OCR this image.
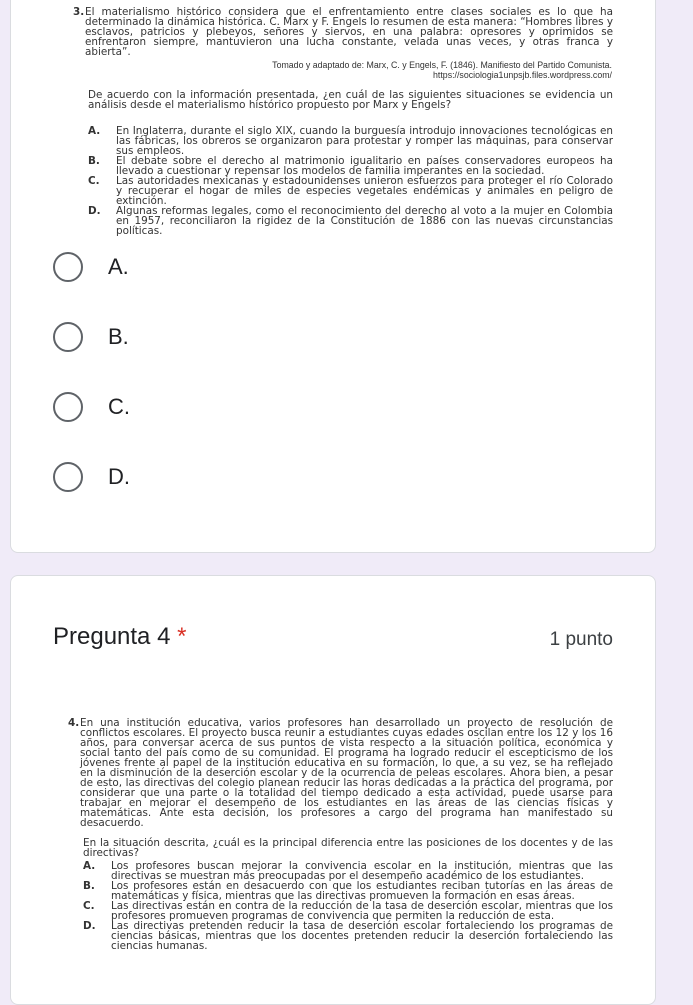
3. El materialismo histórico considera que el enfrentamiento entre clases sociales es lo que ha determinado la dinámica histórica. C. Marx y F. Engels lo resumen de esta manera: “Hombres libres y esclavos, patricios y plebeyos, señores y siervos, en una palabra: opresores y oprimidos se enfrentaron siempre, mantuvieron una lucha constante, velada unas veces, y otras franca y abierta”.
Tomado y adaptado de: Marx, C. y Engels, F. (1846). Manifiesto del Partido Comunista.
https://sociologia1unpsjb.files.wordpress.com/
De acuerdo con la información presentada, ¿en cuál de las siguientes situaciones se evidencia un análisis desde el materialismo histórico propuesto por Marx y Engels?
A.	En Inglaterra, durante el siglo XIX, cuando la burguesía introdujo innovaciones tecnológicas en las fábricas, los obreros se organizaron para protestar y romper las máquinas, para conservar sus empleos.
B.	El debate sobre el derecho al matrimonio igualitario en países conservadores europeos ha llevado a cuestionar y repensar los modelos de familia imperantes en la sociedad.
C.	Las autoridades mexicanas y estadounidenses unieron esfuerzos para proteger el río Colorado y recuperar el hogar de miles de especies vegetales endémicas y animales en peligro de extinción.
D.	Algunas reformas legales, como el reconocimiento del derecho al voto a la mujer en Colombia en 1957, reconciliaron la rigidez de la Constitución de 1886 con las nuevas circunstancias políticas.
A.
B.
C.
D.
Pregunta 4 *	1 punto
4. En una institución educativa, varios profesores han desarrollado un proyecto de resolución de conflictos escolares. El proyecto busca reunir a estudiantes cuyas edades oscilan entre los 12 y los 16 años, para conversar acerca de sus puntos de vista respecto a la situación política, económica y social tanto del país como de su comunidad. El programa ha logrado reducir el escepticismo de los jóvenes frente al papel de la institución educativa en su formación, lo que, a su vez, se ha reflejado en la disminución de la deserción escolar y de la ocurrencia de peleas escolares. Ahora bien, a pesar de esto, las directivas del colegio planean reducir las horas dedicadas a la práctica del programa, por considerar que una parte o la totalidad del tiempo dedicado a esta actividad, puede usarse para trabajar en mejorar el desempeño de los estudiantes en las áreas de las ciencias físicas y matemáticas. Ante esta decisión, los profesores a cargo del programa han manifestado su desacuerdo.
En la situación descrita, ¿cuál es la principal diferencia entre las posiciones de los docentes y de las directivas?
A.	Los profesores buscan mejorar la convivencia escolar en la institución, mientras que las directivas se muestran más preocupadas por el desempeño académico de los estudiantes.
B.	Los profesores están en desacuerdo con que los estudiantes reciban tutorías en las áreas de matemáticas y física, mientras que las directivas promueven la formación en esas áreas.
C.	Las directivas están en contra de la reducción de la tasa de deserción escolar, mientras que los profesores promueven programas de convivencia que permiten la reducción de esta.
D.	Las directivas pretenden reducir la tasa de deserción escolar fortaleciendo los programas de ciencias básicas, mientras que los docentes pretenden reducir la deserción fortaleciendo las ciencias humanas.
